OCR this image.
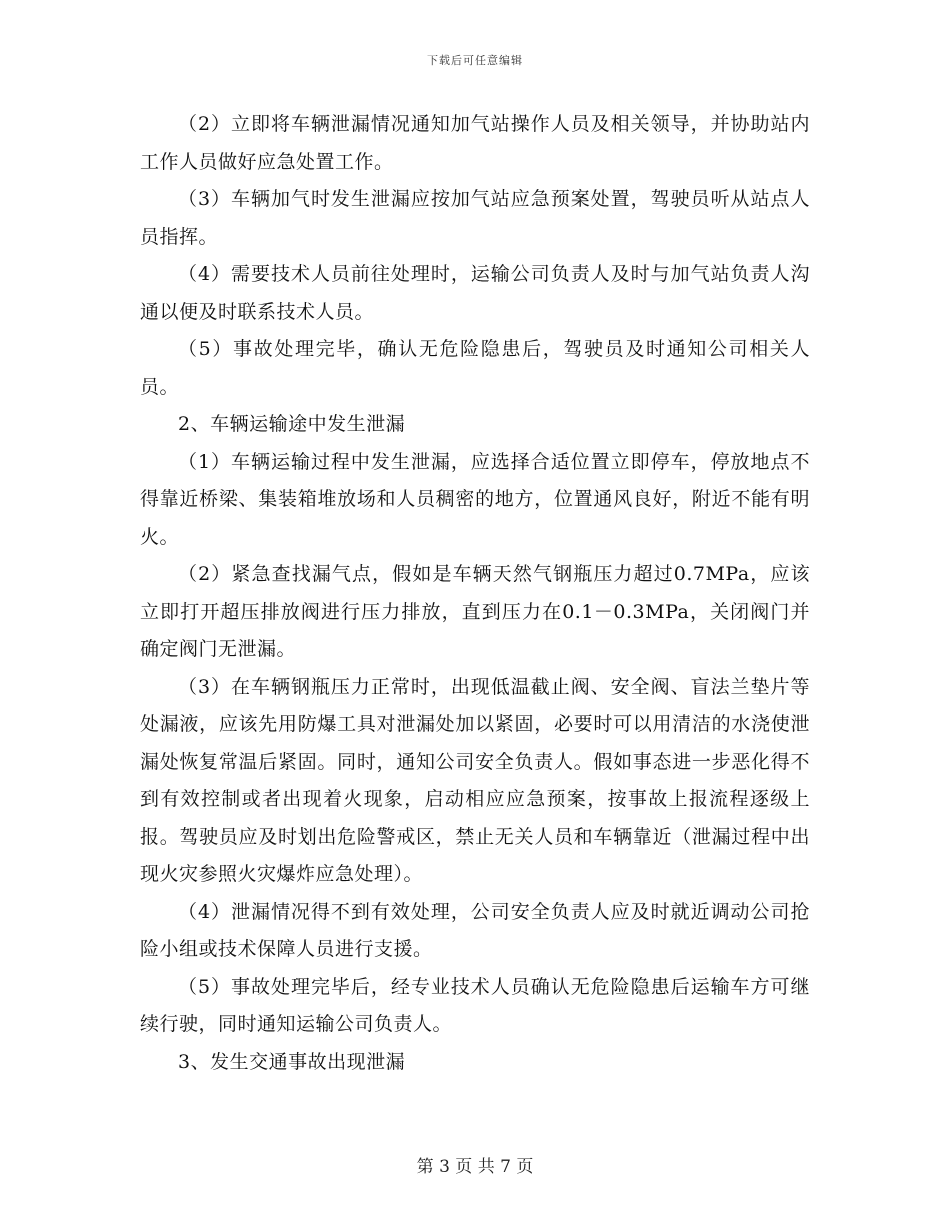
下载后可任意编辑

（2）立即将车辆泄漏情况通知加气站操作人员及相关领导，并协助站内工作人员做好应急处置工作。

（3）车辆加气时发生泄漏应按加气站应急预案处置，驾驶员听从站点人员指挥。

（4）需要技术人员前往处理时，运输公司负责人及时与加气站负责人沟通以便及时联系技术人员。

（5）事故处理完毕，确认无危险隐患后，驾驶员及时通知公司相关人员。

2、车辆运输途中发生泄漏

（1）车辆运输过程中发生泄漏，应选择合适位置立即停车，停放地点不得靠近桥梁、集装箱堆放场和人员稠密的地方，位置通风良好，附近不能有明火。

（2）紧急查找漏气点，假如是车辆天然气钢瓶压力超过0.7MPa，应该立即打开超压排放阀进行压力排放，直到压力在0.1－0.3MPa，关闭阀门并确定阀门无泄漏。

（3）在车辆钢瓶压力正常时，出现低温截止阀、安全阀、盲法兰垫片等处漏液，应该先用防爆工具对泄漏处加以紧固，必要时可以用清洁的水浇使泄漏处恢复常温后紧固。同时，通知公司安全负责人。假如事态进一步恶化得不到有效控制或者出现着火现象，启动相应应急预案，按事故上报流程逐级上报。驾驶员应及时划出危险警戒区，禁止无关人员和车辆靠近（泄漏过程中出现火灾参照火灾爆炸应急处理）。

（4）泄漏情况得不到有效处理，公司安全负责人应及时就近调动公司抢险小组或技术保障人员进行支援。

（5）事故处理完毕后，经专业技术人员确认无危险隐患后运输车方可继续行驶，同时通知运输公司负责人。

3、发生交通事故出现泄漏

第 3 页 共 7 页
